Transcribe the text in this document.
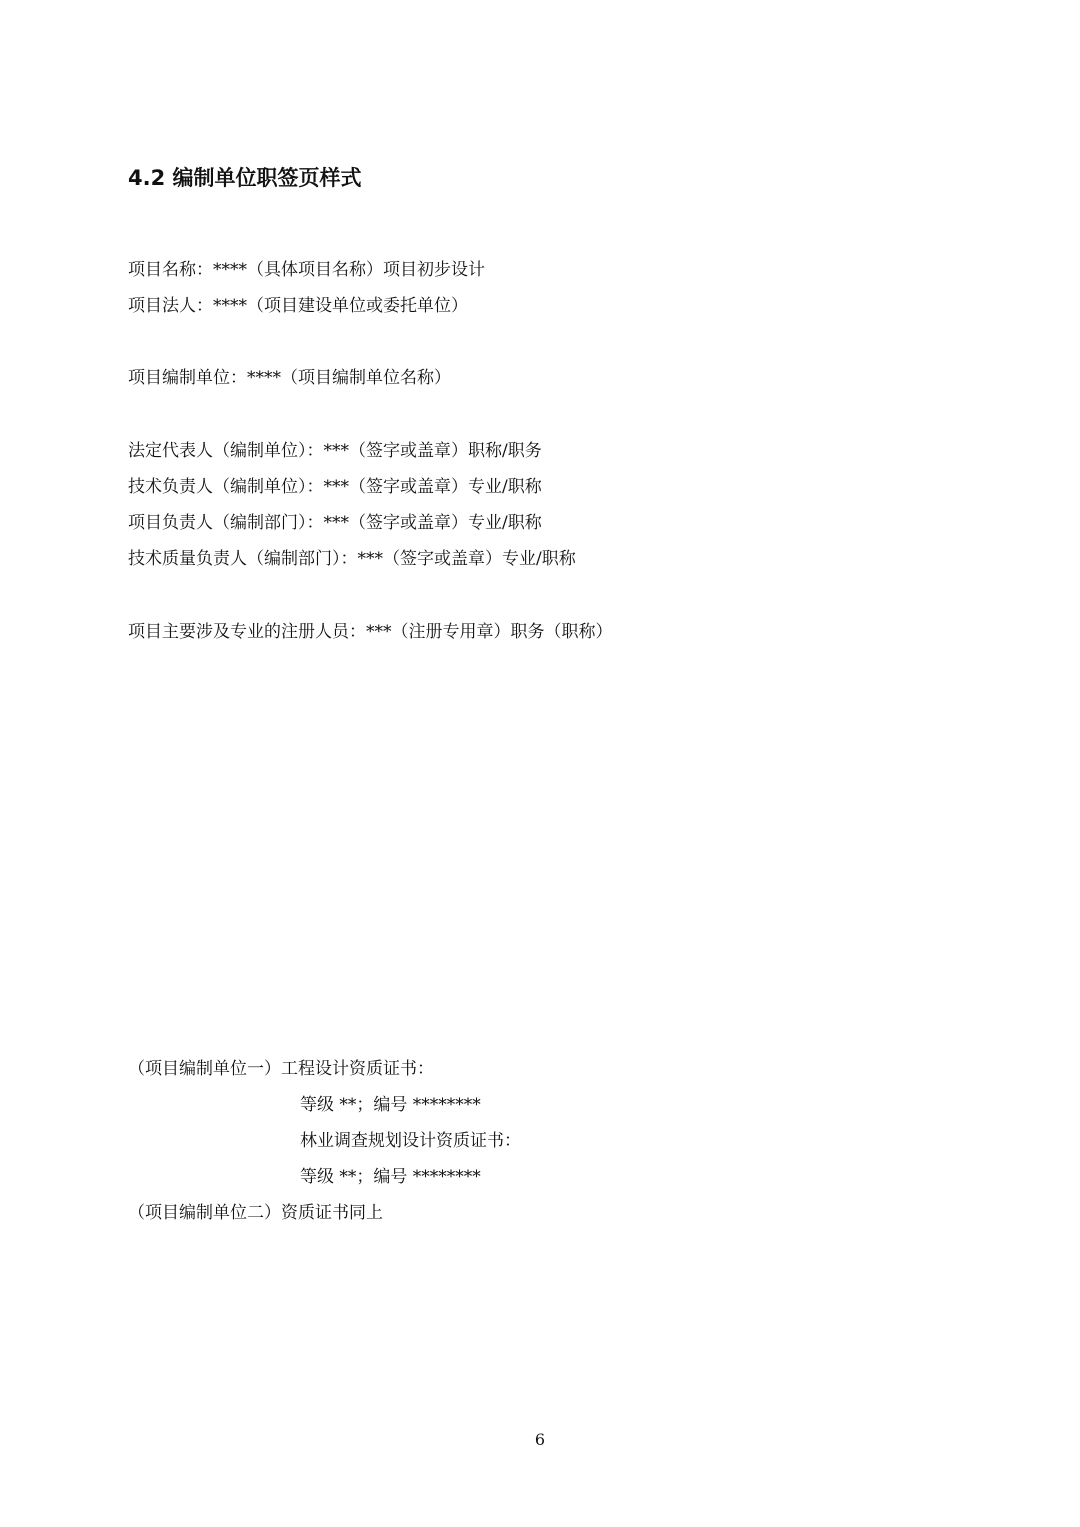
4.2 编制单位职签页样式
项目名称：****（具体项目名称）项目初步设计
项目法人：****（项目建设单位或委托单位）
项目编制单位：****（项目编制单位名称）
法定代表人（编制单位）：***（签字或盖章）职称/职务
技术负责人（编制单位）：***（签字或盖章）专业/职称
项目负责人（编制部门）：***（签字或盖章）专业/职称
技术质量负责人（编制部门）：***（签字或盖章）专业/职称
项目主要涉及专业的注册人员：***（注册专用章）职务（职称）
（项目编制单位一）工程设计资质证书：
等级 **；编号 ********
林业调查规划设计资质证书：
等级 **；编号 ********
（项目编制单位二）资质证书同上
6
